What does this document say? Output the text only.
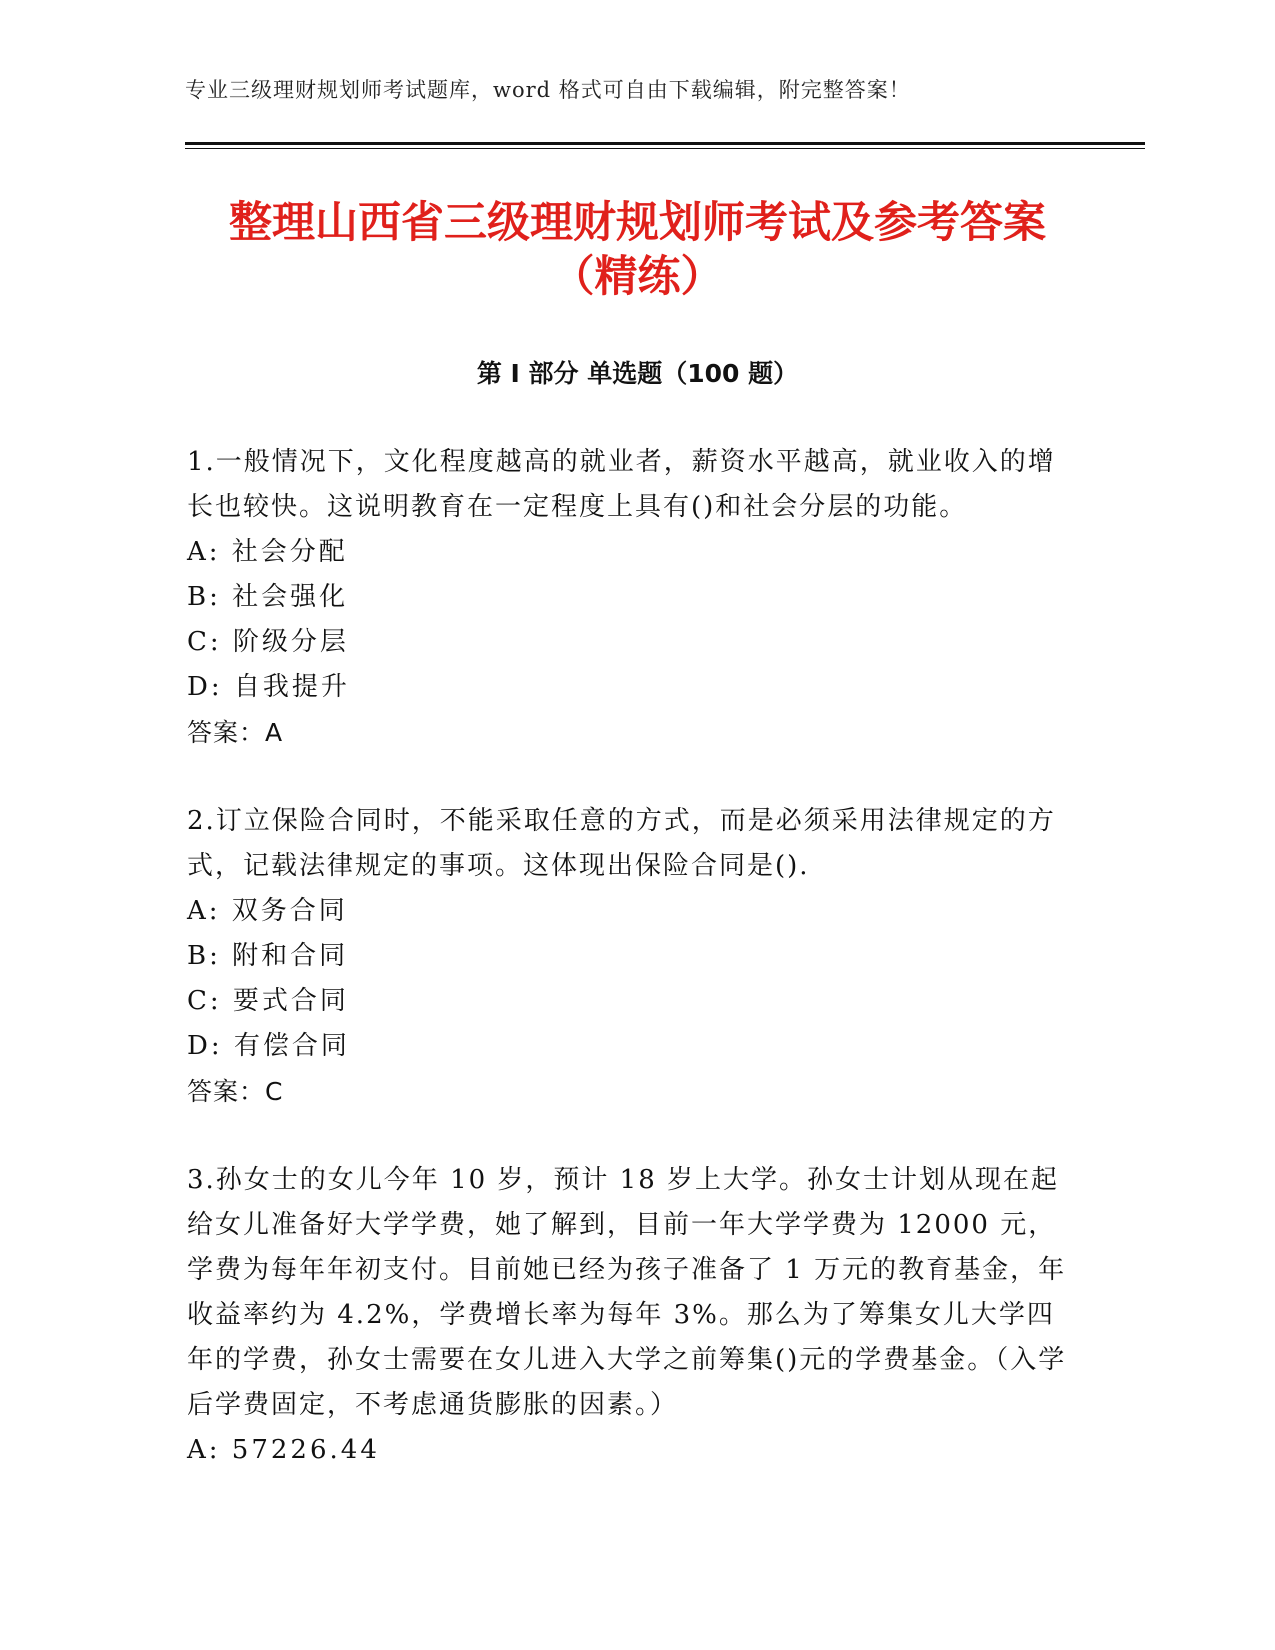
专业三级理财规划师考试题库，word 格式可自由下载编辑，附完整答案！
整理山西省三级理财规划师考试及参考答案
（精练）
第 I 部分 单选题（100 题）
1.一般情况下，文化程度越高的就业者，薪资水平越高，就业收入的增长也较快。这说明教育在一定程度上具有()和社会分层的功能。
A: 社会分配
B: 社会强化
C: 阶级分层
D: 自我提升
答案：A
2.订立保险合同时，不能采取任意的方式，而是必须采用法律规定的方式，记载法律规定的事项。这体现出保险合同是().
A: 双务合同
B: 附和合同
C: 要式合同
D: 有偿合同
答案：C
3.孙女士的女儿今年 10 岁，预计 18 岁上大学。孙女士计划从现在起给女儿准备好大学学费，她了解到，目前一年大学学费为 12000 元，学费为每年年初支付。目前她已经为孩子准备了 1 万元的教育基金，年收益率约为 4.2%，学费增长率为每年 3%。那么为了筹集女儿大学四年的学费，孙女士需要在女儿进入大学之前筹集()元的学费基金。（入学后学费固定，不考虑通货膨胀的因素。）
A: 57226.44
